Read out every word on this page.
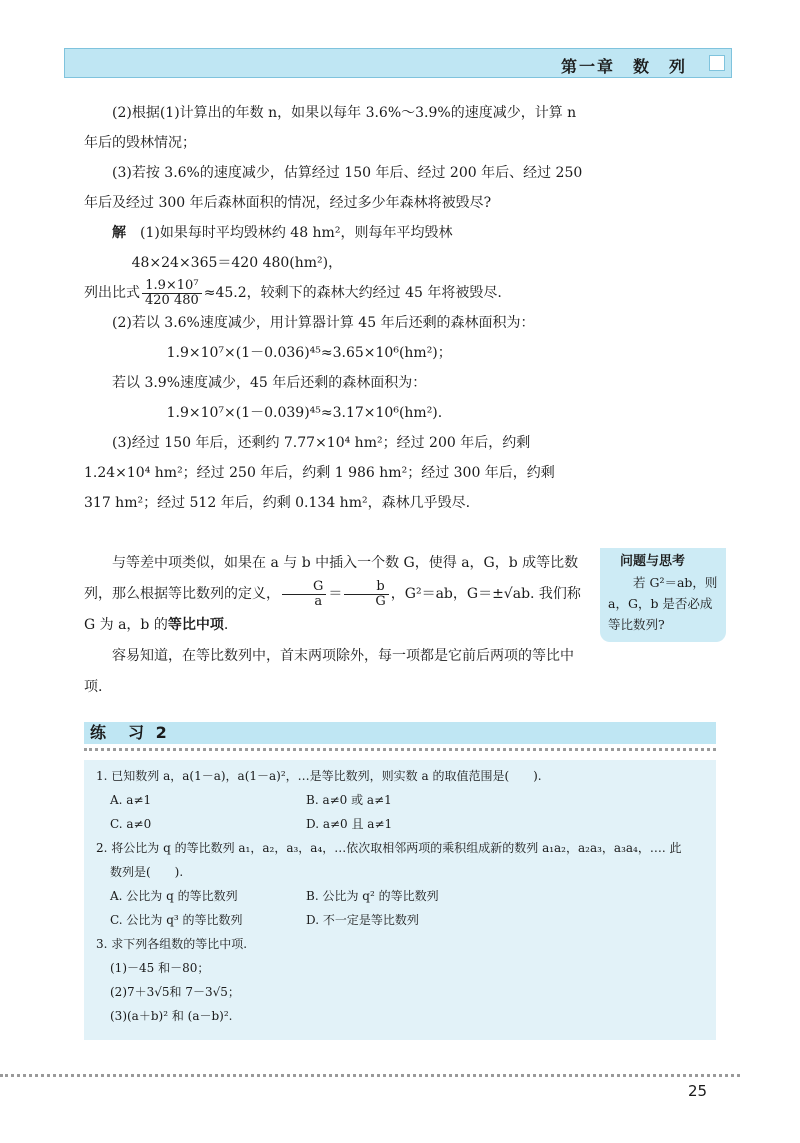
第一章　数　列

(2)根据(1)计算出的年数 n，如果以每年 3.6%～3.9%的速度减少，计算 n 年后的毁林情况；

(3)若按 3.6%的速度减少，估算经过 150 年后、经过 200 年后、经过 250 年后及经过 300 年后森林面积的情况，经过多少年森林将被毁尽?

解　 (1)如果每时平均毁林约 48 hm²，则每年平均毁林

48×24×365＝420 480(hm²)，

列出比式 $\frac{\text{1.9×10⁷}}{420 480} \approx 45.2$，较剩下的森林大约经过 45 年将被毁尽.

(2)若以 3.6%速度减少，用计算器计算 45 年后还剩的森林面积为：

1.9×10⁷×(1－0.036)⁴⁵≈3.65×10⁶(hm²)；

若以 3.9%速度减少，45 年后还剩的森林面积为：

1.9×10⁷×(1－0.039)⁴⁵≈3.17×10⁶(hm²).

(3)经过 150 年后，还剩约 7.77×10⁴ hm²；经过 200 年后，约剩 1.24×10⁴ hm²；经过 250 年后，约剩 1 986 hm²；经过 300 年后，约剩 317 hm²；经过 512 年后，约剩 0.134 hm²，森林几乎毁尽.

与等差中项类似，如果在 a 与 b 中插入一个数 G，使得 a，G，b 成等比数列，那么根据等比数列的定义， $\frac{G}{a} = \frac{b}{G}$ ，G²＝ab，G＝±√ab. 我们称 G 为 a，b 的等比中项.

容易知道，在等比数列中，首末两项除外，每一项都是它前后两项的等比中项.

问题与思考
若 G²＝ab，则
a，G，b 是否必成等比数列?
练　习 2
1. 已知数列 a，a(1－a)，a(1－a)²，…是等比数列，则实数 a 的取值范围是(　　).
A. a≠1	B. a≠0 或 a≠1
C. a≠0	D. a≠0 且 a≠1
2. 将公比为 q 的等比数列 a₁，a₂，a₃，a₄，…依次取相邻两项的乘积组成新的数列 a₁a₂，a₂a₃，a₃a₄，…. 此
数列是(　　).
A. 公比为 q 的等比数列	B. 公比为 q² 的等比数列
C. 公比为 q³ 的等比数列	D. 不一定是等比数列
3. 求下列各组数的等比中项.
(1)－45 和－80；
(2)7＋3√5和 7－3√5；
(3)(a＋b)² 和 (a－b)².
25
